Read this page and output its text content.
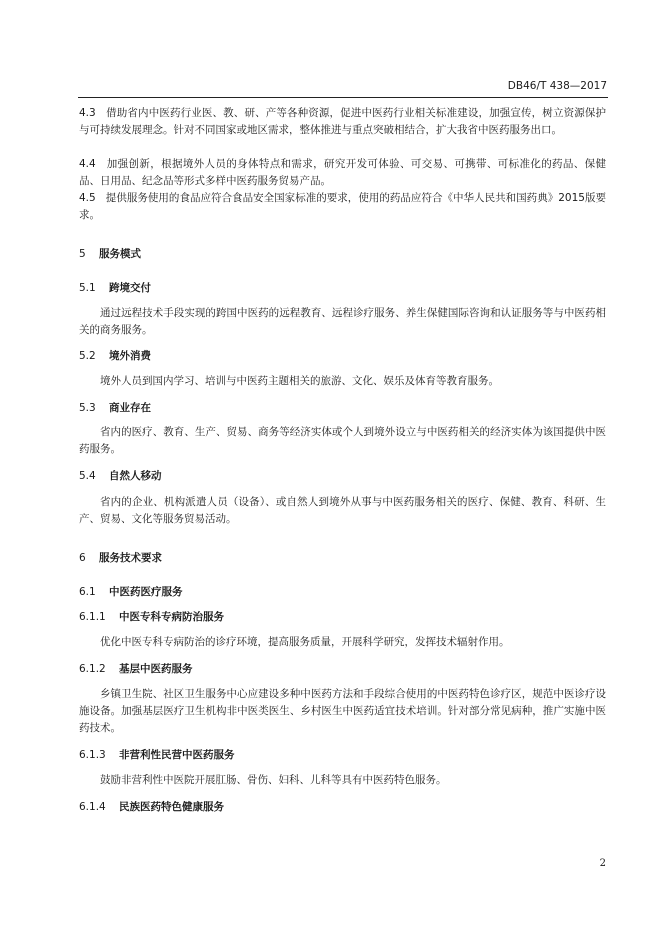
DB46/T 438—2017

4.3 借助省内中医药行业医、教、研、产等各种资源，促进中医药行业相关标准建设，加强宣传，树立资源保护与可持续发展理念。针对不同国家或地区需求，整体推进与重点突破相结合，扩大我省中医药服务出口。

4.4 加强创新，根据境外人员的身体特点和需求，研究开发可体验、可交易、可携带、可标准化的药品、保健品、日用品、纪念品等形式多样中医药服务贸易产品。

4.5 提供服务使用的食品应符合食品安全国家标准的要求，使用的药品应符合《中华人民共和国药典》2015版要求。

5 服务模式
5.1 跨境交付

通过远程技术手段实现的跨国中医药的远程教育、远程诊疗服务、养生保健国际咨询和认证服务等与中医药相关的商务服务。

5.2 境外消费

境外人员到国内学习、培训与中医药主题相关的旅游、文化、娱乐及体育等教育服务。

5.3 商业存在

省内的医疗、教育、生产、贸易、商务等经济实体或个人到境外设立与中医药相关的经济实体为该国提供中医药服务。

5.4 自然人移动

省内的企业、机构派遣人员（设备）、或自然人到境外从事与中医药服务相关的医疗、保健、教育、科研、生产、贸易、文化等服务贸易活动。

6 服务技术要求
6.1 中医药医疗服务
6.1.1 中医专科专病防治服务

优化中医专科专病防治的诊疗环境，提高服务质量，开展科学研究，发挥技术辐射作用。

6.1.2 基层中医药服务

乡镇卫生院、社区卫生服务中心应建设多种中医药方法和手段综合使用的中医药特色诊疗区，规范中医诊疗设施设备。加强基层医疗卫生机构非中医类医生、乡村医生中医药适宜技术培训。针对部分常见病种，推广实施中医药技术。

6.1.3 非营利性民营中医药服务

鼓励非营利性中医院开展肛肠、骨伤、妇科、儿科等具有中医药特色服务。

6.1.4 民族医药特色健康服务
2
